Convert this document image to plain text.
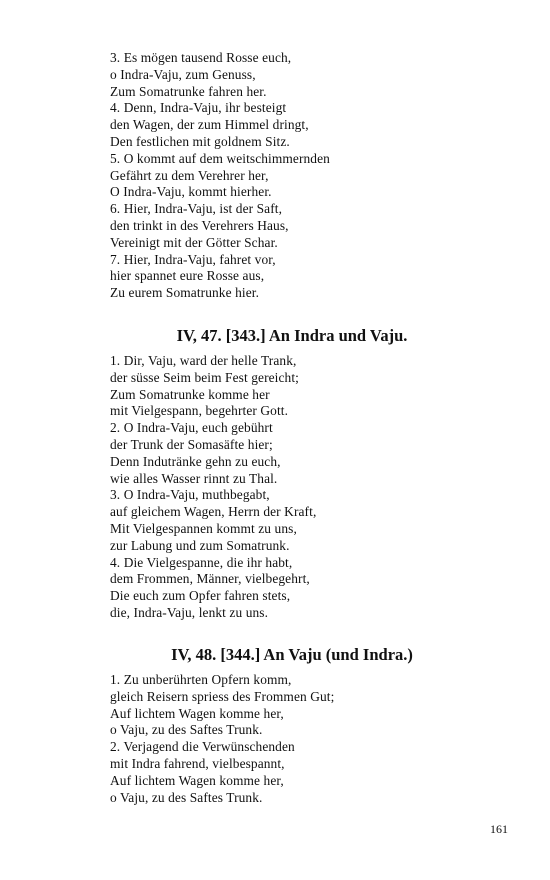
3. Es mögen tausend Rosse euch,
o Indra-Vaju, zum Genuss,
Zum Somatrunke fahren her.
4. Denn, Indra-Vaju, ihr besteigt
den Wagen, der zum Himmel dringt,
Den festlichen mit goldnem Sitz.
5. O kommt auf dem weitschimmernden
Gefährt zu dem Verehrer her,
O Indra-Vaju, kommt hierher.
6. Hier, Indra-Vaju, ist der Saft,
den trinkt in des Verehrers Haus,
Vereinigt mit der Götter Schar.
7. Hier, Indra-Vaju, fahret vor,
hier spannet eure Rosse aus,
Zu eurem Somatrunke hier.
IV, 47. [343.] An Indra und Vaju.
1. Dir, Vaju, ward der helle Trank,
der süsse Seim beim Fest gereicht;
Zum Somatrunke komme her
mit Vielgespann, begehrter Gott.
2. O Indra-Vaju, euch gebührt
der Trunk der Somasäfte hier;
Denn Indutränke gehn zu euch,
wie alles Wasser rinnt zu Thal.
3. O Indra-Vaju, muthbegabt,
auf gleichem Wagen, Herrn der Kraft,
Mit Vielgespannen kommt zu uns,
zur Labung und zum Somatrunk.
4. Die Vielgespanne, die ihr habt,
dem Frommen, Männer, vielbegehrt,
Die euch zum Opfer fahren stets,
die, Indra-Vaju, lenkt zu uns.
IV, 48. [344.] An Vaju (und Indra.)
1. Zu unberührten Opfern komm,
gleich Reisern spriess des Frommen Gut;
Auf lichtem Wagen komme her,
o Vaju, zu des Saftes Trunk.
2. Verjagend die Verwünschenden
mit Indra fahrend, vielbespannt,
Auf lichtem Wagen komme her,
o Vaju, zu des Saftes Trunk.
161
